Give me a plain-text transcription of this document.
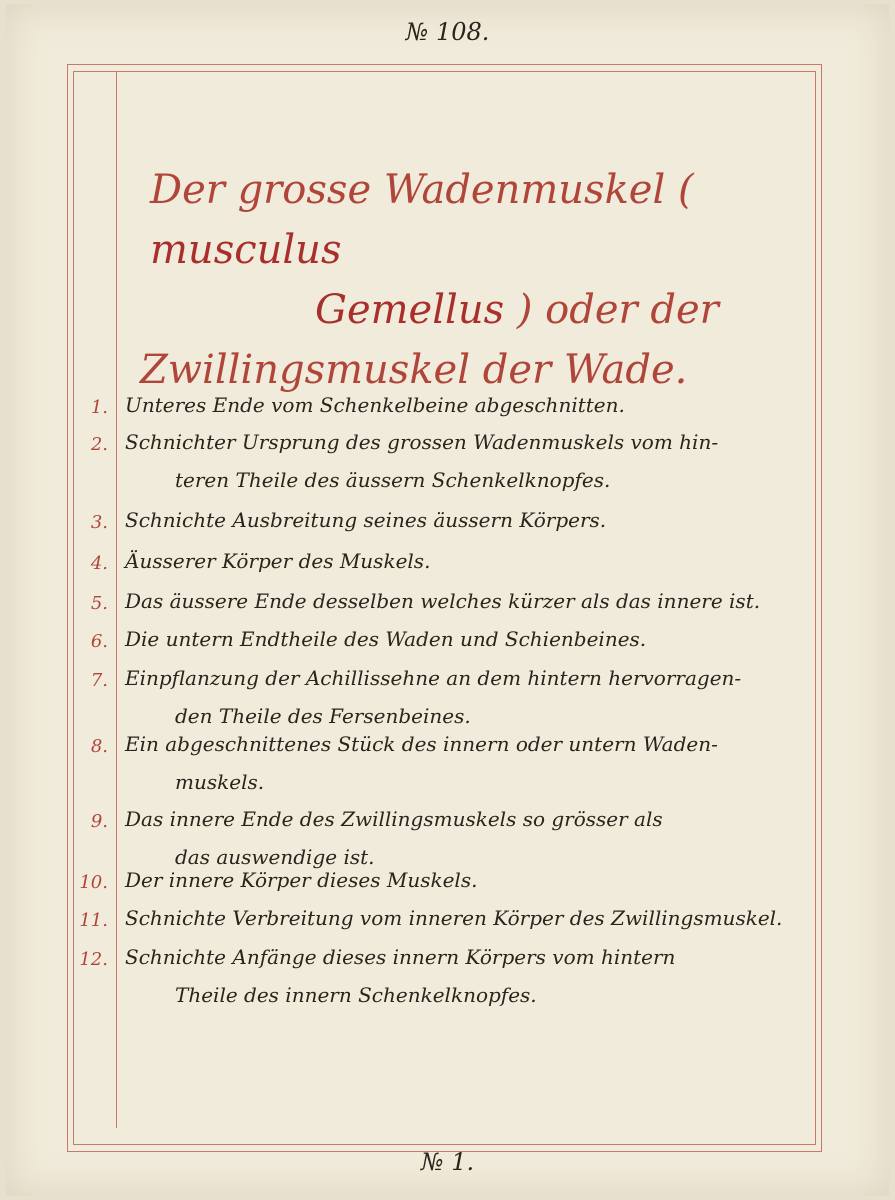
№ 108.
Der grosse Wadenmuskel ( musculus
Gemellus ) oder der
Zwillingsmuskel der Wade.
1. Unteres Ende vom Schenkelbeine abgeschnitten.
2. Schnichter Ursprung des grossen Wadenmuskels vom hin-
teren Theile des äussern Schenkelknopfes.
3. Schnichte Ausbreitung seines äussern Körpers.
4. Äusserer Körper des Muskels.
5. Das äussere Ende desselben welches kürzer als das innere ist.
6. Die untern Endtheile des Waden und Schienbeines.
7. Einpflanzung der Achillissehne an dem hintern hervorragen-
den Theile des Fersenbeines.
8. Ein abgeschnittenes Stück des innern oder untern Waden-
muskels.
9. Das innere Ende des Zwillingsmuskels so grösser als
das auswendige ist.
10. Der innere Körper dieses Muskels.
11. Schnichte Verbreitung vom inneren Körper des Zwillingsmuskel.
12. Schnichte Anfänge dieses innern Körpers vom hintern
Theile des innern Schenkelknopfes.
№ 1.
